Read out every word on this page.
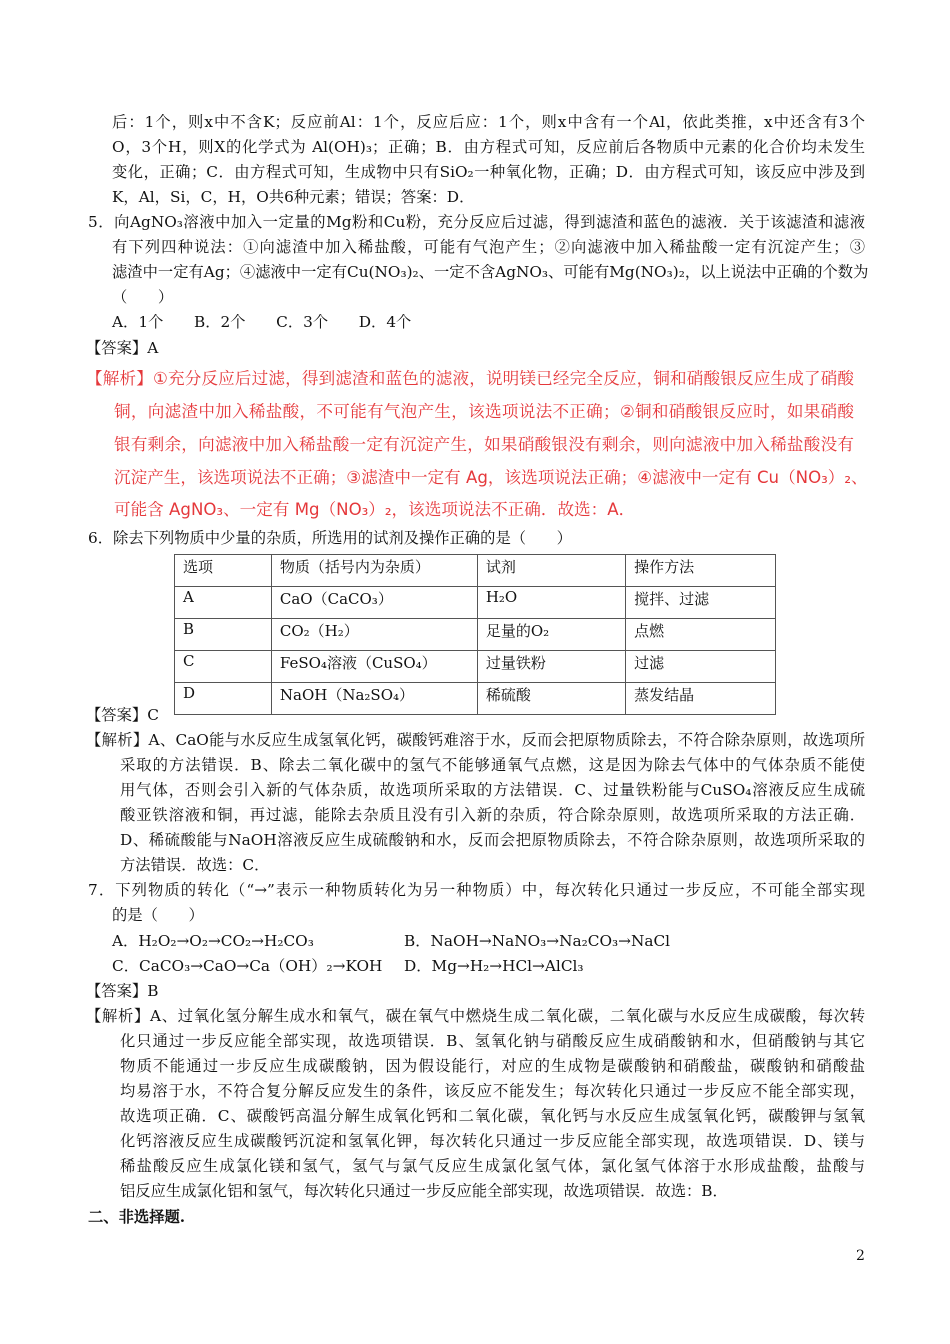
后：1个，则x中不含K；反应前Al：1个，反应后应：1个，则x中含有一个Al，依此类推，x中还含有3个
O，3个H，则X的化学式为 Al(OH)₃；正确；B．由方程式可知，反应前后各物质中元素的化合价均未发生
变化，正确；C．由方程式可知，生成物中只有SiO₂一种氧化物，正确；D．由方程式可知，该反应中涉及到
K，Al，Si，C，H，O共6种元素；错误；答案：D．
5．向AgNO₃溶液中加入一定量的Mg粉和Cu粉，充分反应后过滤，得到滤渣和蓝色的滤液．关于该滤渣和滤液
有下列四种说法：①向滤渣中加入稀盐酸，可能有气泡产生；②向滤液中加入稀盐酸一定有沉淀产生；③
滤渣中一定有Ag；④滤液中一定有Cu(NO₃)₂、一定不含AgNO₃、可能有Mg(NO₃)₂，以上说法中正确的个数为
（　　）
A．1个　　B．2个　　C．3个　　D．4个
【答案】A
【解析】①充分反应后过滤，得到滤渣和蓝色的滤液，说明镁已经完全反应，铜和硝酸银反应生成了硝酸
铜，向滤渣中加入稀盐酸，不可能有气泡产生，该选项说法不正确；②铜和硝酸银反应时，如果硝酸
银有剩余，向滤液中加入稀盐酸一定有沉淀产生，如果硝酸银没有剩余，则向滤液中加入稀盐酸没有
沉淀产生，该选项说法不正确；③滤渣中一定有 Ag，该选项说法正确；④滤液中一定有 Cu（NO₃）₂、
可能含 AgNO₃、一定有 Mg（NO₃）₂，该选项说法不正确．故选：A．
6．除去下列物质中少量的杂质，所选用的试剂及操作正确的是（　　）
【答案】C
【解析】A、CaO能与水反应生成氢氧化钙，碳酸钙难溶于水，反而会把原物质除去，不符合除杂原则，故选项所
采取的方法错误．B、除去二氧化碳中的氢气不能够通氧气点燃，这是因为除去气体中的气体杂质不能使
用气体，否则会引入新的气体杂质，故选项所采取的方法错误．C、过量铁粉能与CuSO₄溶液反应生成硫
酸亚铁溶液和铜，再过滤，能除去杂质且没有引入新的杂质，符合除杂原则，故选项所采取的方法正确．
D、稀硫酸能与NaOH溶液反应生成硫酸钠和水，反而会把原物质除去，不符合除杂原则，故选项所采取的
方法错误．故选：C．
7．下列物质的转化（“→”表示一种物质转化为另一种物质）中，每次转化只通过一步反应，不可能全部实现
的是（　　）
A．H₂O₂→O₂→CO₂→H₂CO₃	B．NaOH→NaNO₃→Na₂CO₃→NaCl
C．CaCO₃→CaO→Ca（OH）₂→KOH D．Mg→H₂→HCl→AlCl₃
【答案】B
【解析】A、过氧化氢分解生成水和氧气，碳在氧气中燃烧生成二氧化碳，二氧化碳与水反应生成碳酸，每次转
化只通过一步反应能全部实现，故选项错误．B、氢氧化钠与硝酸反应生成硝酸钠和水，但硝酸钠与其它
物质不能通过一步反应生成碳酸钠，因为假设能行，对应的生成物是碳酸钠和硝酸盐，碳酸钠和硝酸盐
均易溶于水，不符合复分解反应发生的条件，该反应不能发生；每次转化只通过一步反应不能全部实现，
故选项正确．C、碳酸钙高温分解生成氧化钙和二氧化碳，氧化钙与水反应生成氢氧化钙，碳酸钾与氢氧
化钙溶液反应生成碳酸钙沉淀和氢氧化钾，每次转化只通过一步反应能全部实现，故选项错误．D、镁与
稀盐酸反应生成氯化镁和氢气，氢气与氯气反应生成氯化氢气体，氯化氢气体溶于水形成盐酸，盐酸与
铝反应生成氯化铝和氢气，每次转化只通过一步反应能全部实现，故选项错误．故选：B．
选项	物质（括号内为杂质）	试剂	操作方法
A	CaO（CaCO₃）	H₂O	搅拌、过滤
B	CO₂（H₂）	足量的O₂	点燃
C	FeSO₄溶液（CuSO₄）	过量铁粉	过滤
D	NaOH（Na₂SO₄）	稀硫酸	蒸发结晶
二、非选择题.
2
